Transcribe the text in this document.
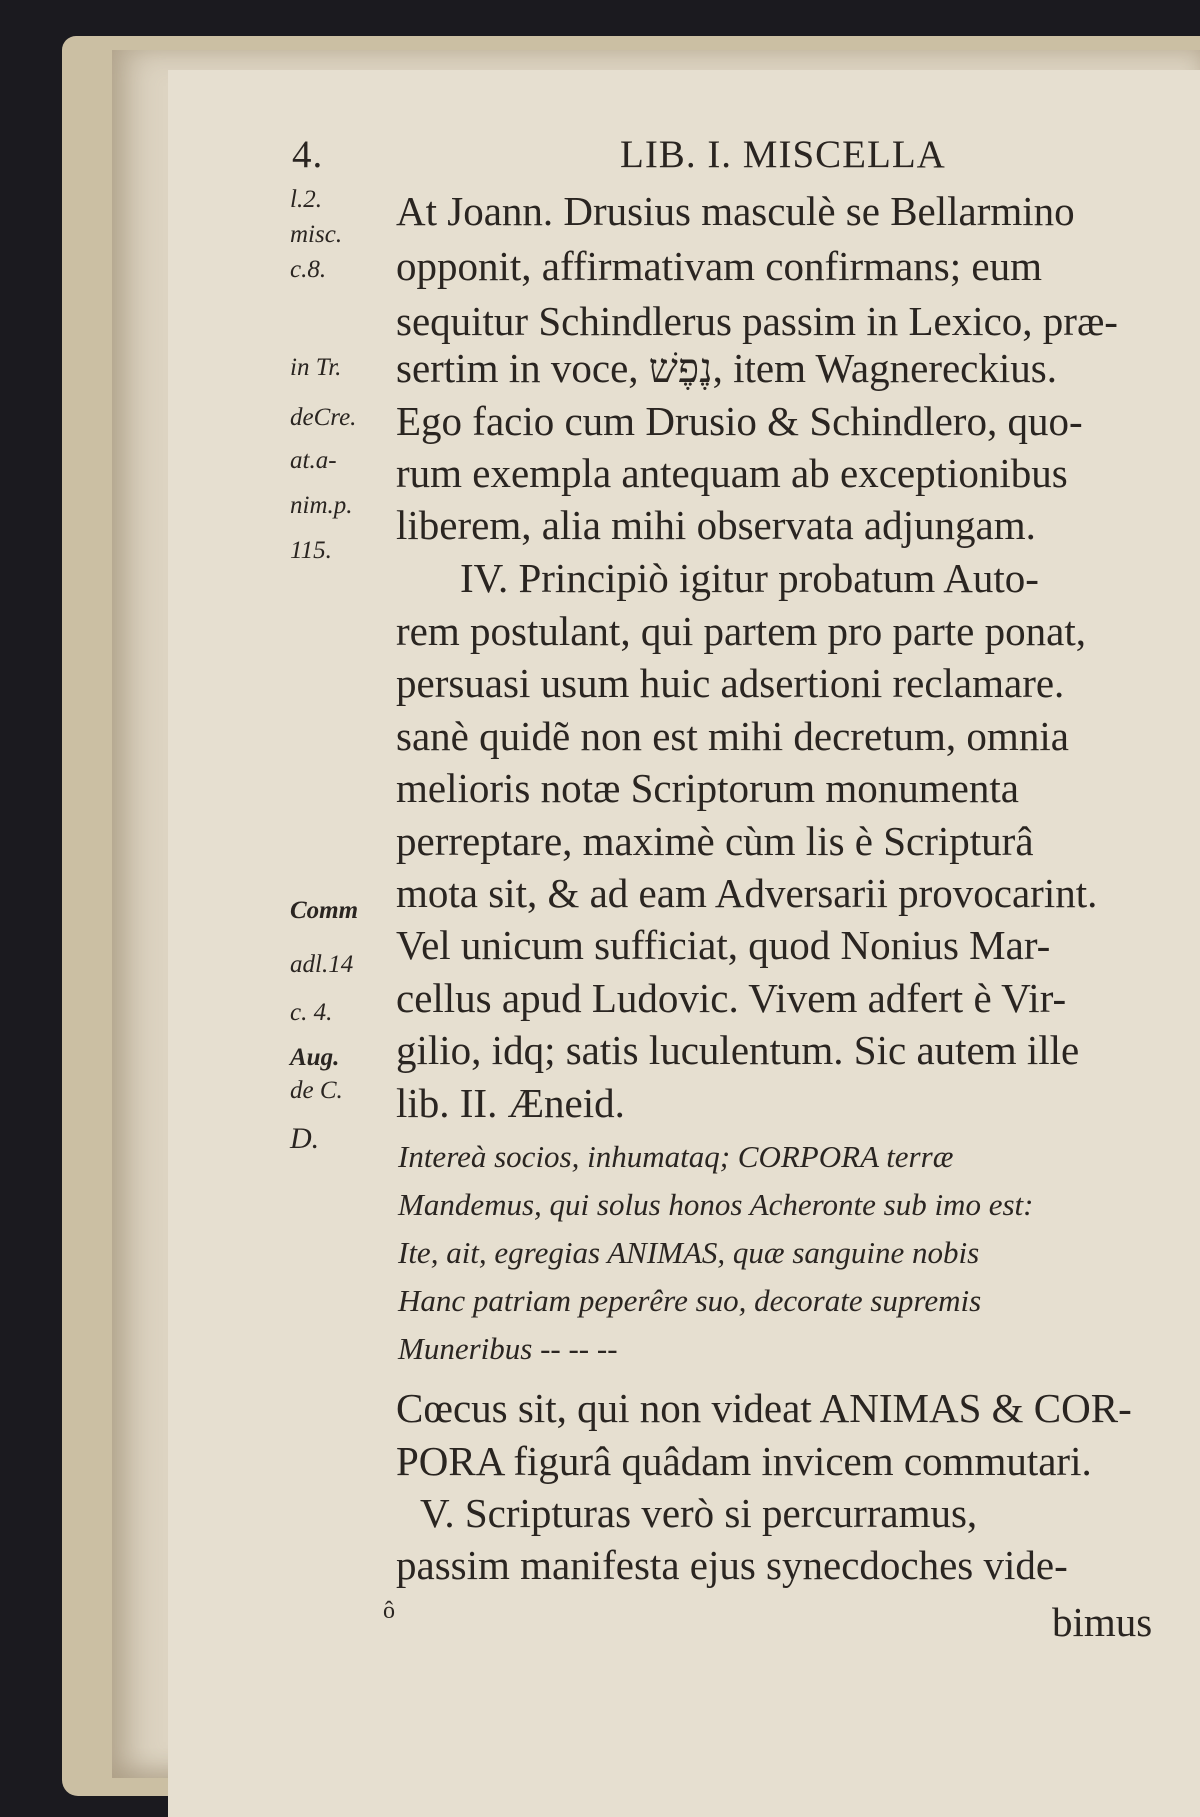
4.	LIB. I. MISCELLA
l.2.
misc.
c.8.
in Tr.
deCre.
at.a-
nim.p.
115.
Comm
adl.14
c. 4.
Aug.
de C.
D.
At Joann. Drusius masculè se Bellarmino
opponit, affirmativam confirmans; eum
sequitur Schindlerus passim in Lexico, præ-
sertim in voce, נֶפֶשׁ, item Wagnereckius.
Ego facio cum Drusio & Schindlero, quo-
rum exempla antequam ab exceptionibus
liberem, alia mihi observata adjungam.
IV. Principiò igitur probatum Auto-
rem postulant, qui partem pro parte ponat,
persuasi usum huic adsertioni reclamare.
sanè quidẽ non est mihi decretum, omnia
melioris notæ Scriptorum monumenta
perreptare, maximè cùm lis è Scripturâ
mota sit, & ad eam Adversarii provocarint.
Vel unicum sufficiat, quod Nonius Mar-
cellus apud Ludovic. Vivem adfert è Vir-
gilio, idq; satis luculentum. Sic autem ille
lib. II. Æneid.
Intereà socios, inhumataq; CORPORA terræ
Mandemus, qui solus honos Acheronte sub imo est:
Ite, ait, egregias ANIMAS, quæ sanguine nobis
Hanc patriam peperêre suo, decorate supremis
Muneribus -- -- --
Cœcus sit, qui non videat ANIMAS & COR-
PORA figurâ quâdam invicem commutari.
V. Scripturas verò si percurramus,
passim manifesta ejus synecdoches vide-
ô	bimus
